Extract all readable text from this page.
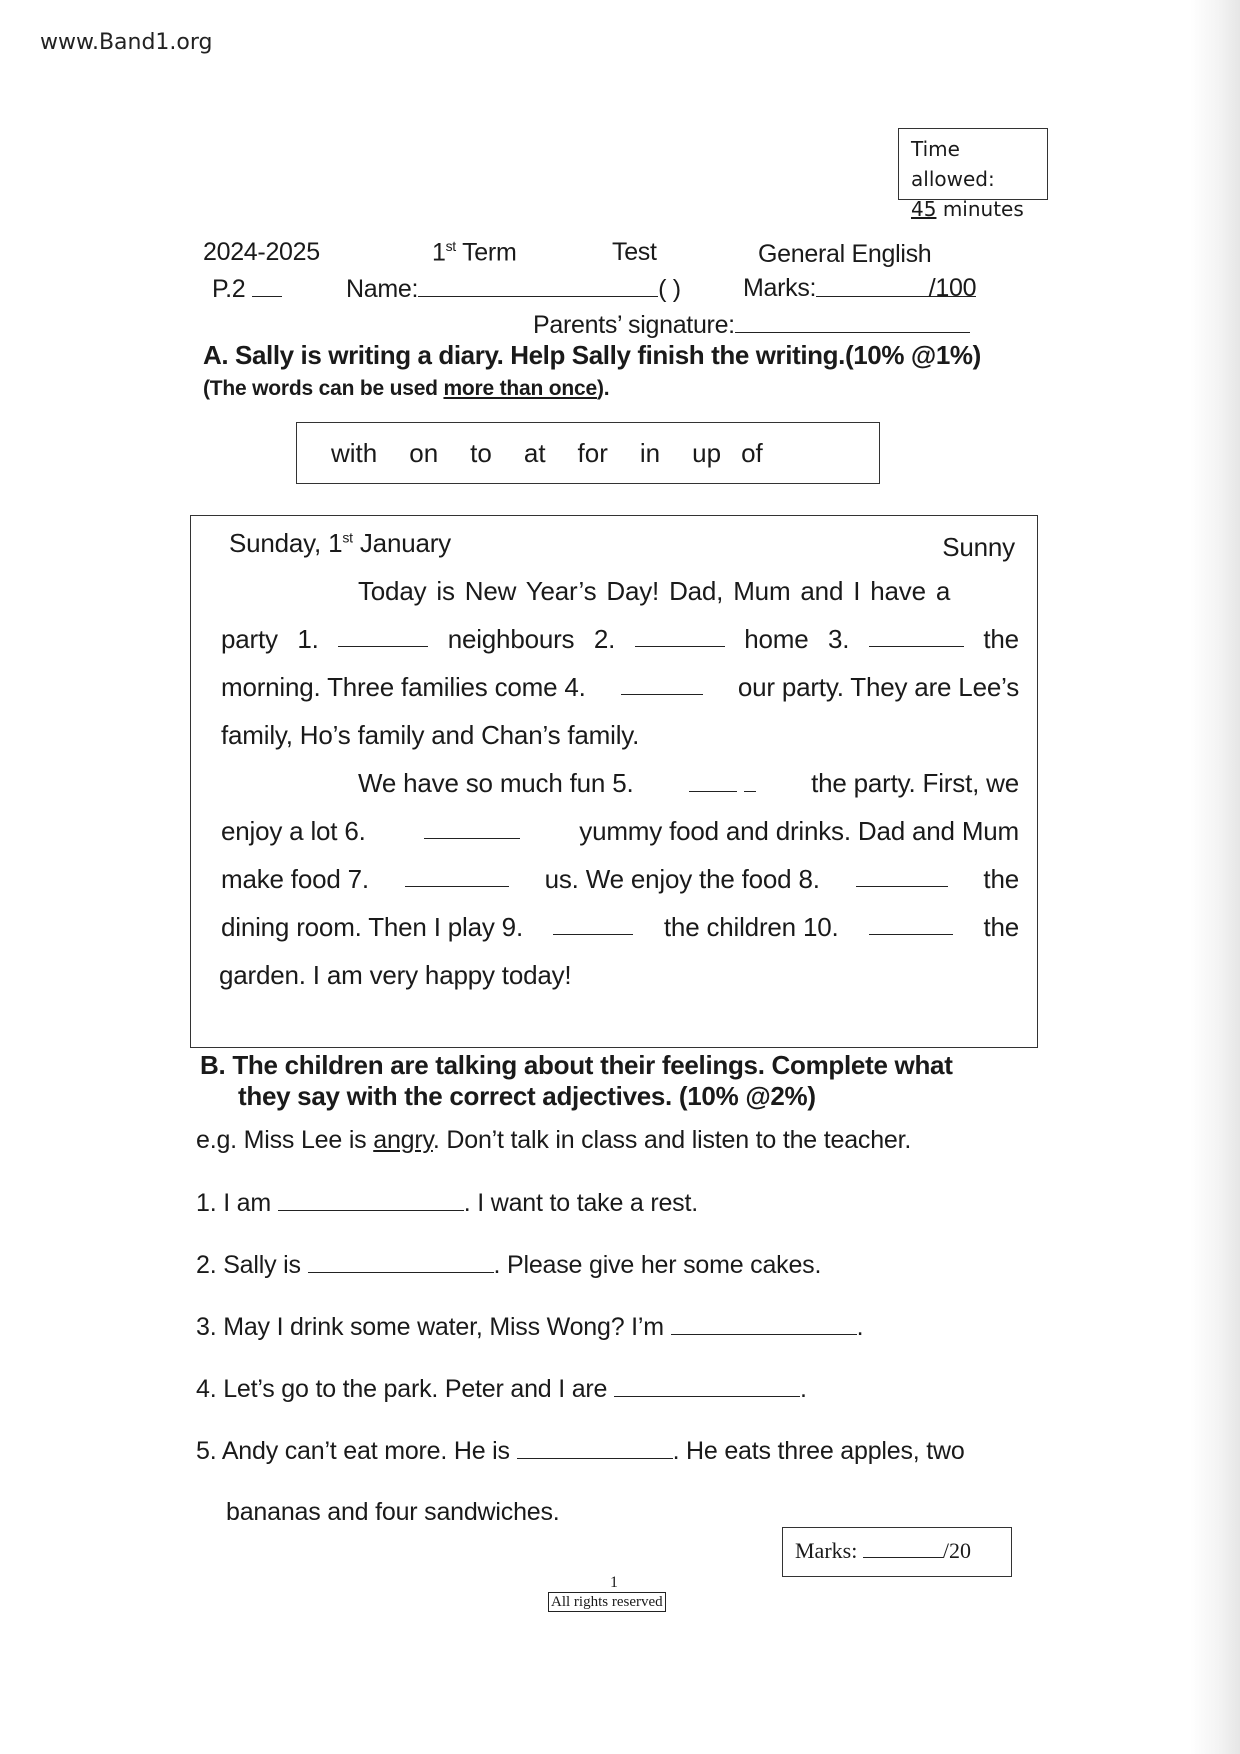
www.Band1.org
Time allowed:
45 minutes
2024-2025	1st Term	Test	General English
P.2	Name:	( ) Marks:	/100
Parents’ signature:
A. Sally is writing a diary. Help Sally finish the writing.(10% @1%)
(The words can be used more than once).
with on to at for in up of
Sunday, 1st January	Sunny
Today is New Year’s Day! Dad, Mum and I have a
party 1.	neighbours 2.	home 3.	the
morning. Three families come 4.	our party. They are Lee’s
family, Ho’s family and Chan’s family.
We have so much fun 5.
	the party. First, we
enjoy a lot 6.	yummy food and drinks. Dad and Mum
make food 7.	us. We enjoy the food 8.	the
dining room. Then I play 9.	the children 10.	the
garden. I am very happy today!
B. The children are talking about their feelings. Complete what
they say with the correct adjectives. (10% @2%)
e.g. Miss Lee is angry. Don’t talk in class and listen to the teacher.
1. I am	. I want to take a rest.
2. Sally is	. Please give her some cakes.
3. May I drink some water, Miss Wong? I’m	.
4. Let’s go to the park. Peter and I are	.
5. Andy can’t eat more. He is	. He eats three apples, two
bananas and four sandwiches.
Marks:	/20
1
All rights reserved
